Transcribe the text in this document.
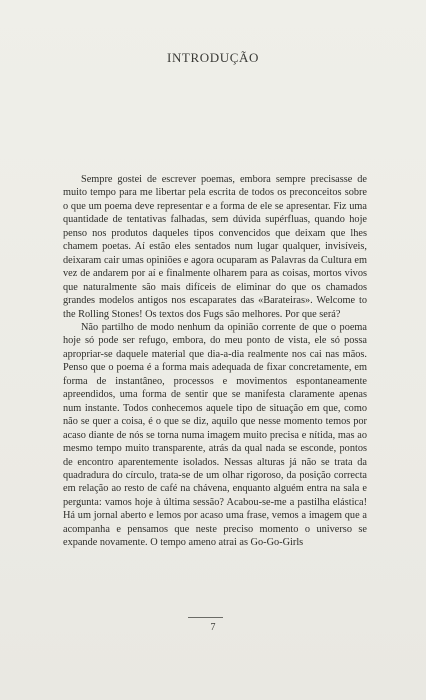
INTRODUÇÃO

Sempre gostei de escrever poemas, embora sempre precisasse de muito tempo para me libertar pela escrita de todos os preconceitos sobre o que um poema deve representar e a forma de ele se apresentar. Fiz uma quantidade de tentativas falhadas, sem dúvida supérfluas, quando hoje penso nos produtos daqueles tipos convencidos que deixam que lhes chamem poetas. Aí estão eles sentados num lugar qualquer, invisíveis, deixaram cair umas opiniões e agora ocuparam as Palavras da Cultura em vez de andarem por aí e finalmente olharem para as coisas, mortos vivos que naturalmente são mais difíceis de eliminar do que os chamados grandes modelos antigos nos escaparates das «Barateiras». Welcome to the Rolling Stones! Os textos dos Fugs são melhores. Por que será?

Não partilho de modo nenhum da opinião corrente de que o poema hoje só pode ser refugo, embora, do meu ponto de vista, ele só possa apropriar-se daquele material que dia-a-dia realmente nos cai nas mãos. Penso que o poema é a forma mais adequada de fixar concretamente, em forma de instantâneo, processos e movimentos espontaneamente apreendidos, uma forma de sentir que se manifesta claramente apenas num instante. Todos conhecemos aquele tipo de situação em que, como não se quer a coisa, é o que se diz, aquilo que nesse momento temos por acaso diante de nós se torna numa imagem muito precisa e nítida, mas ao mesmo tempo muito transparente, atrás da qual nada se esconde, pontos de encontro aparentemente isolados. Nessas alturas já não se trata da quadradura do círculo, trata-se de um olhar rigoroso, da posição correcta em relação ao resto de café na chávena, enquanto alguém entra na sala e pergunta: vamos hoje à última sessão? Acabou-se-me a pastilha elástica! Há um jornal aberto e lemos por acaso uma frase, vemos a imagem que a acompanha e pensamos que neste preciso momento o universo se expande novamente. O tempo ameno atrai as Go-Go-Girls

7
